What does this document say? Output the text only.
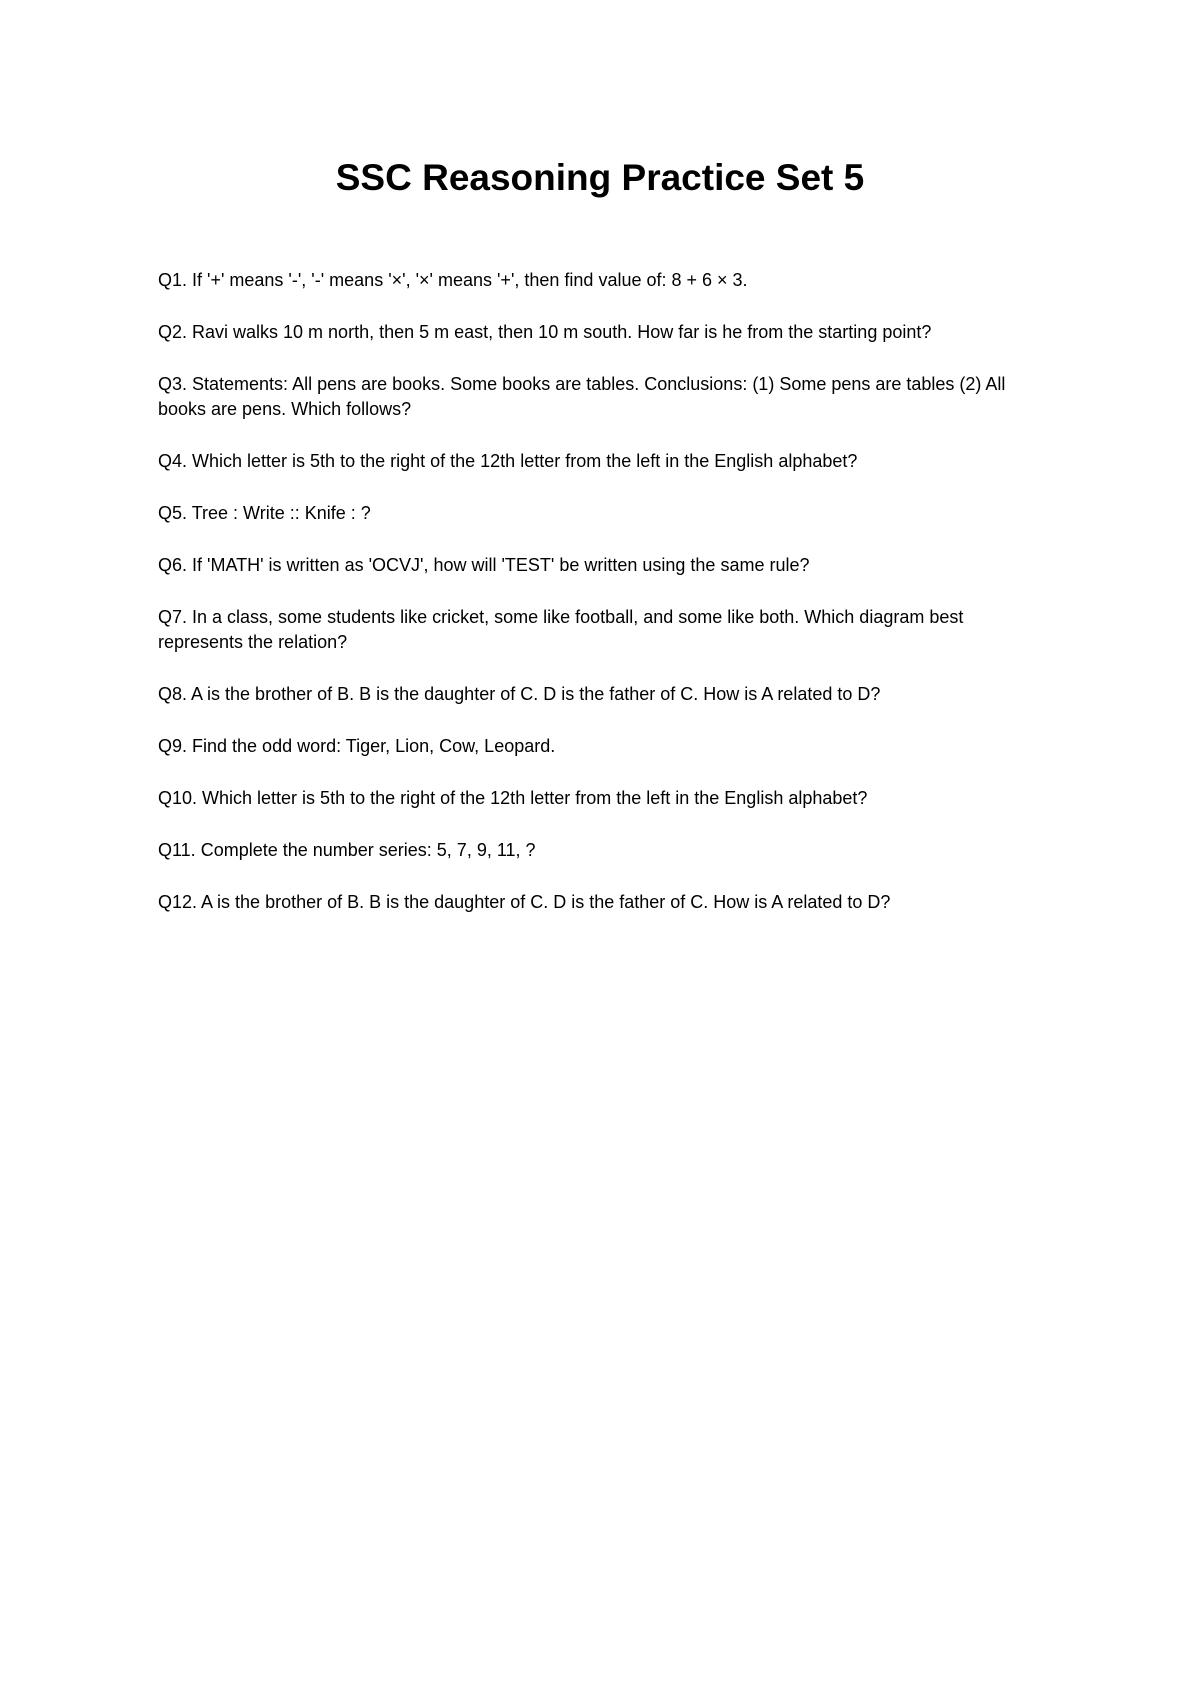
SSC Reasoning Practice Set 5
Q1. If '+' means '-', '-' means '×', '×' means '+', then find value of: 8 + 6 × 3.
Q2. Ravi walks 10 m north, then 5 m east, then 10 m south. How far is he from the starting point?
Q3. Statements: All pens are books. Some books are tables. Conclusions: (1) Some pens are tables (2) All books are pens. Which follows?
Q4. Which letter is 5th to the right of the 12th letter from the left in the English alphabet?
Q5. Tree : Write :: Knife : ?
Q6. If 'MATH' is written as 'OCVJ', how will 'TEST' be written using the same rule?
Q7. In a class, some students like cricket, some like football, and some like both. Which diagram best represents the relation?
Q8. A is the brother of B. B is the daughter of C. D is the father of C. How is A related to D?
Q9. Find the odd word: Tiger, Lion, Cow, Leopard.
Q10. Which letter is 5th to the right of the 12th letter from the left in the English alphabet?
Q11. Complete the number series: 5, 7, 9, 11, ?
Q12. A is the brother of B. B is the daughter of C. D is the father of C. How is A related to D?
